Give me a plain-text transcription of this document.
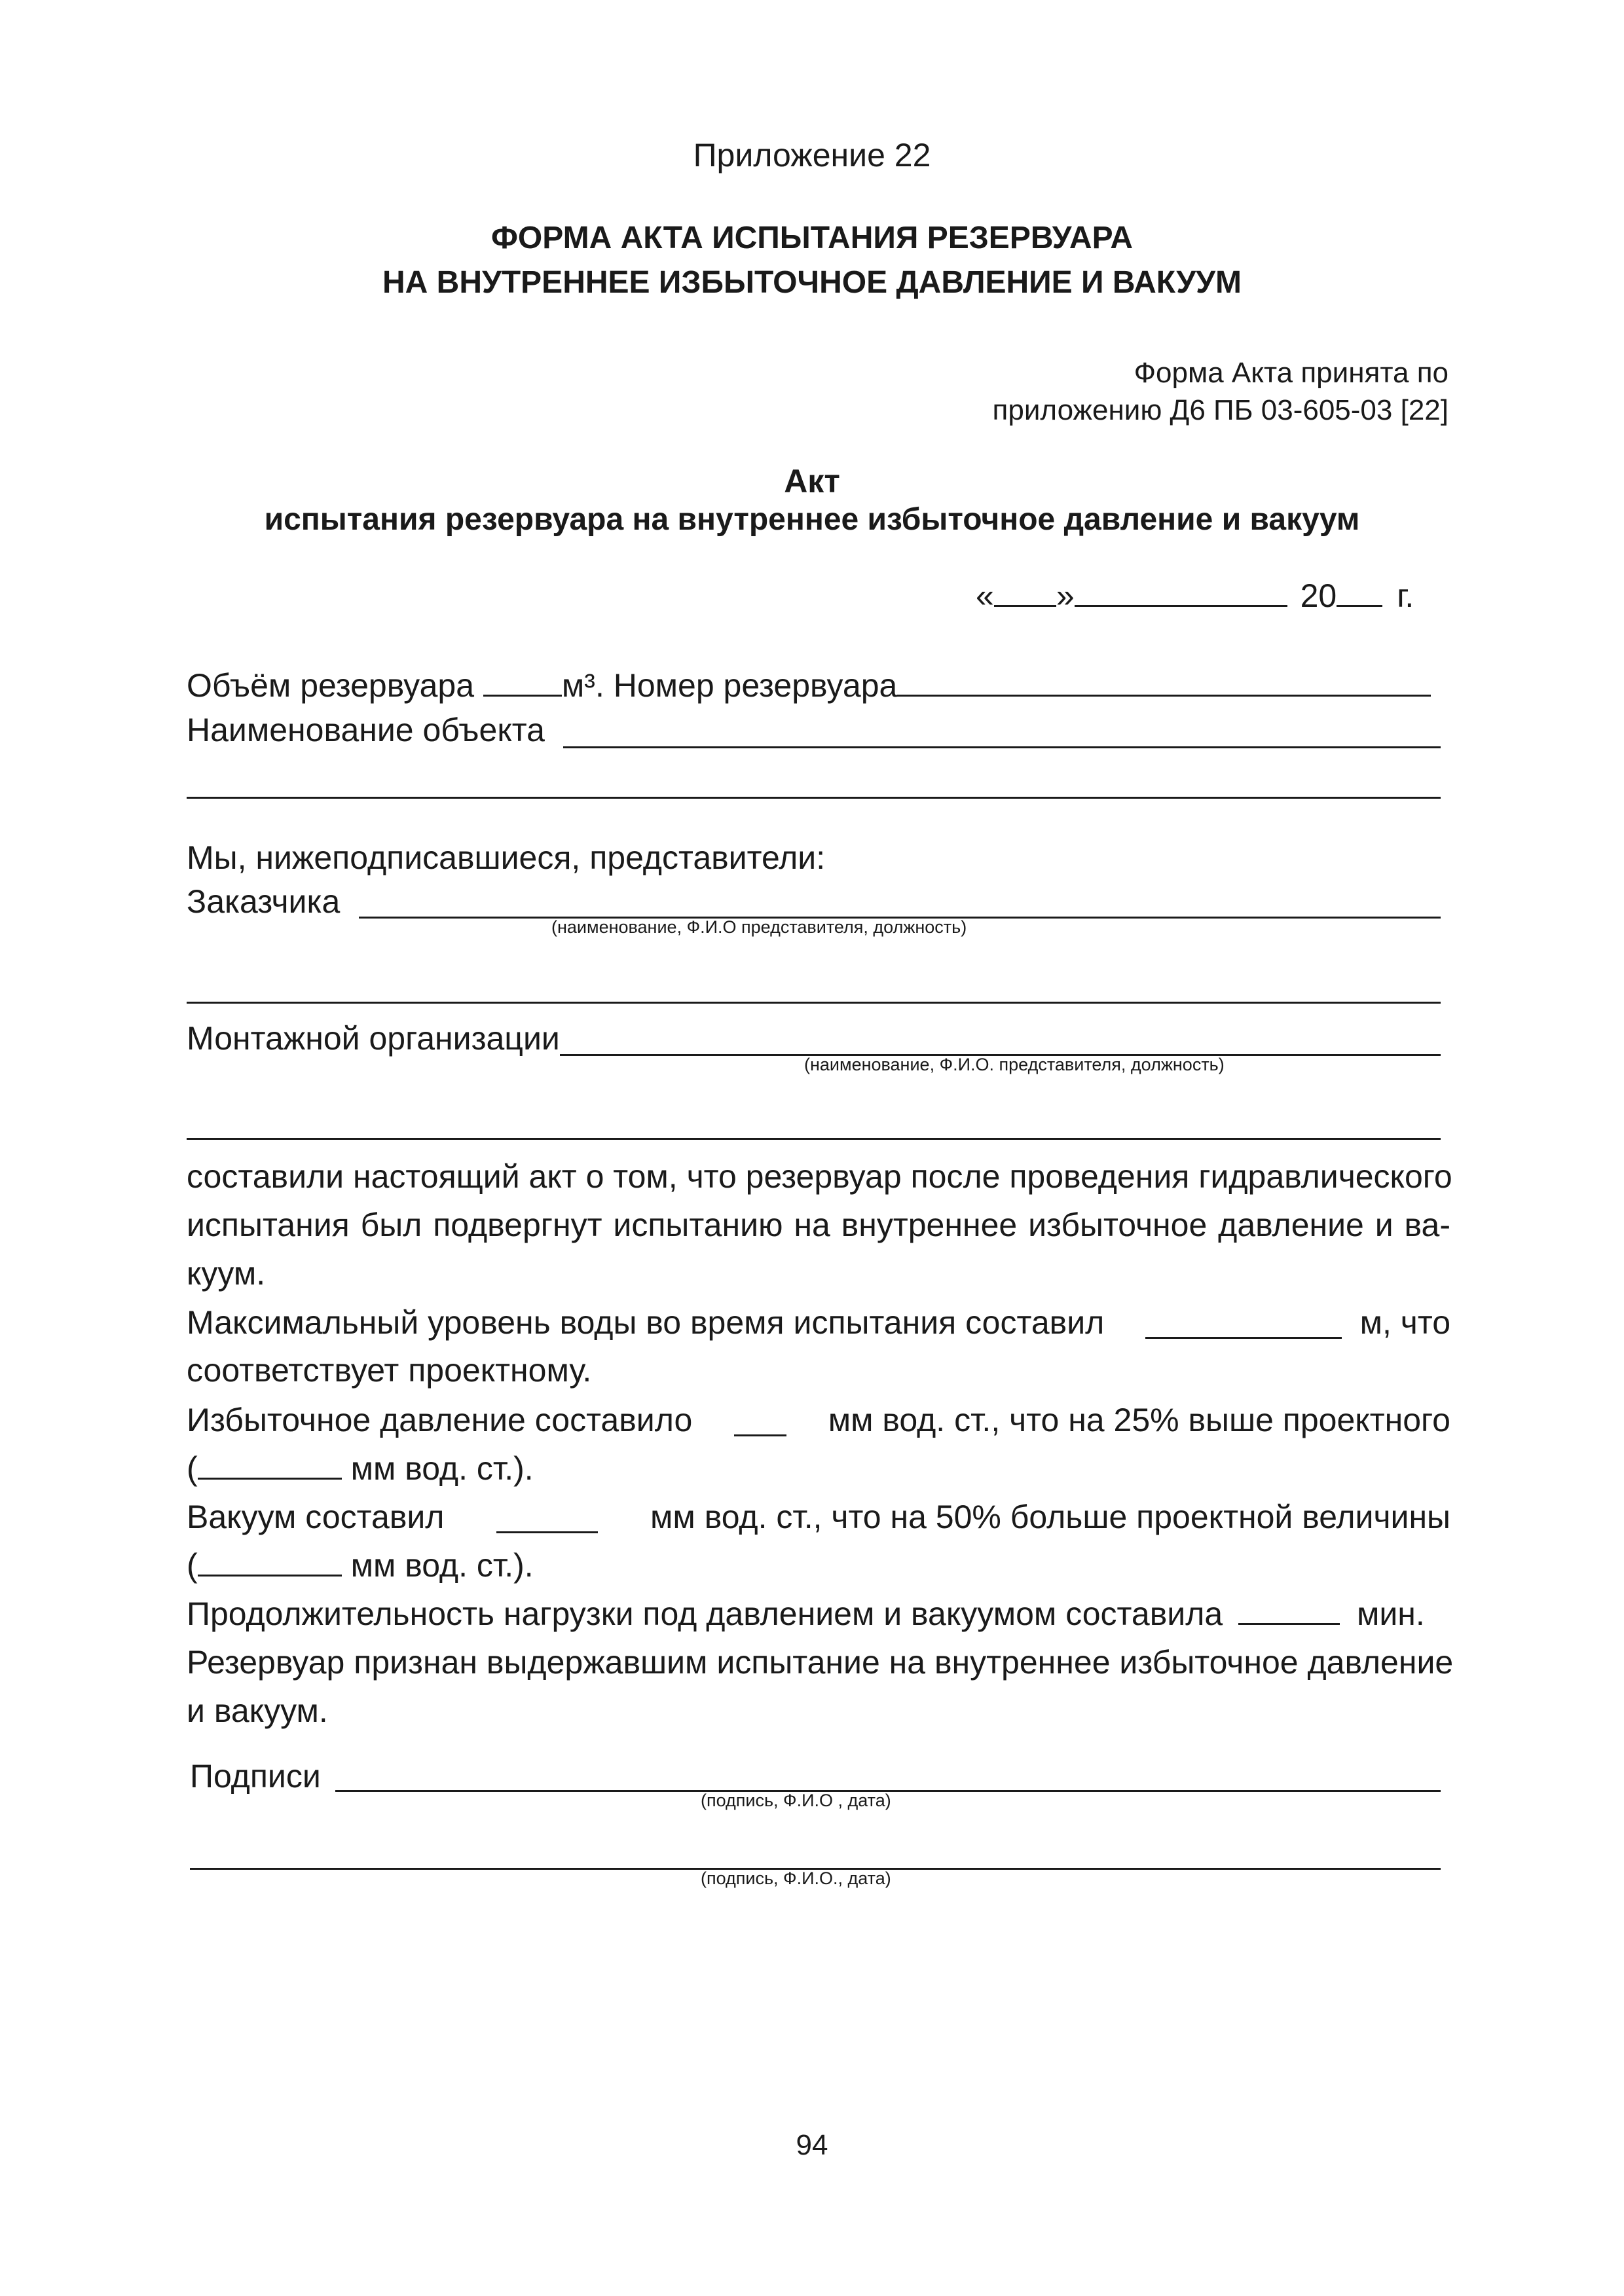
Приложение 22
ФОРМА АКТА ИСПЫТАНИЯ РЕЗЕРВУАРА
НА ВНУТРЕННЕЕ ИЗБЫТОЧНОЕ ДАВЛЕНИЕ И ВАКУУМ
Форма Акта принята по
приложению Д6 ПБ 03-605-03 [22]
Акт
испытания резервуара на внутреннее избыточное давление и вакуум
« »	20 г.
Объём резервуара	м³. Номер резервуара
Наименование объекта
Мы, нижеподписавшиеся, представители:
Заказчика
(наименование, Ф.И.О представителя, должность)
Монтажной организации
(наименование, Ф.И.О. представителя, должность)
составили настоящий акт о том, что резервуар после проведения гидравлического
испытания был подвергнут испытанию на внутреннее избыточное давление и ва-
куум.
Максимальный уровень воды во время испытания составил	м, что
соответствует проектному.
Избыточное давление составило	мм вод. ст., что на 25% выше проектного
(	мм вод. ст.).
Вакуум составил	мм вод. ст., что на 50% больше проектной величины
(	мм вод. ст.).
Продолжительность нагрузки под давлением и вакуумом составила	мин.
Резервуар признан выдержавшим испытание на внутреннее избыточное давление
и вакуум.
Подписи
(подпись, Ф.И.О , дата)
(подпись, Ф.И.О., дата)
94
